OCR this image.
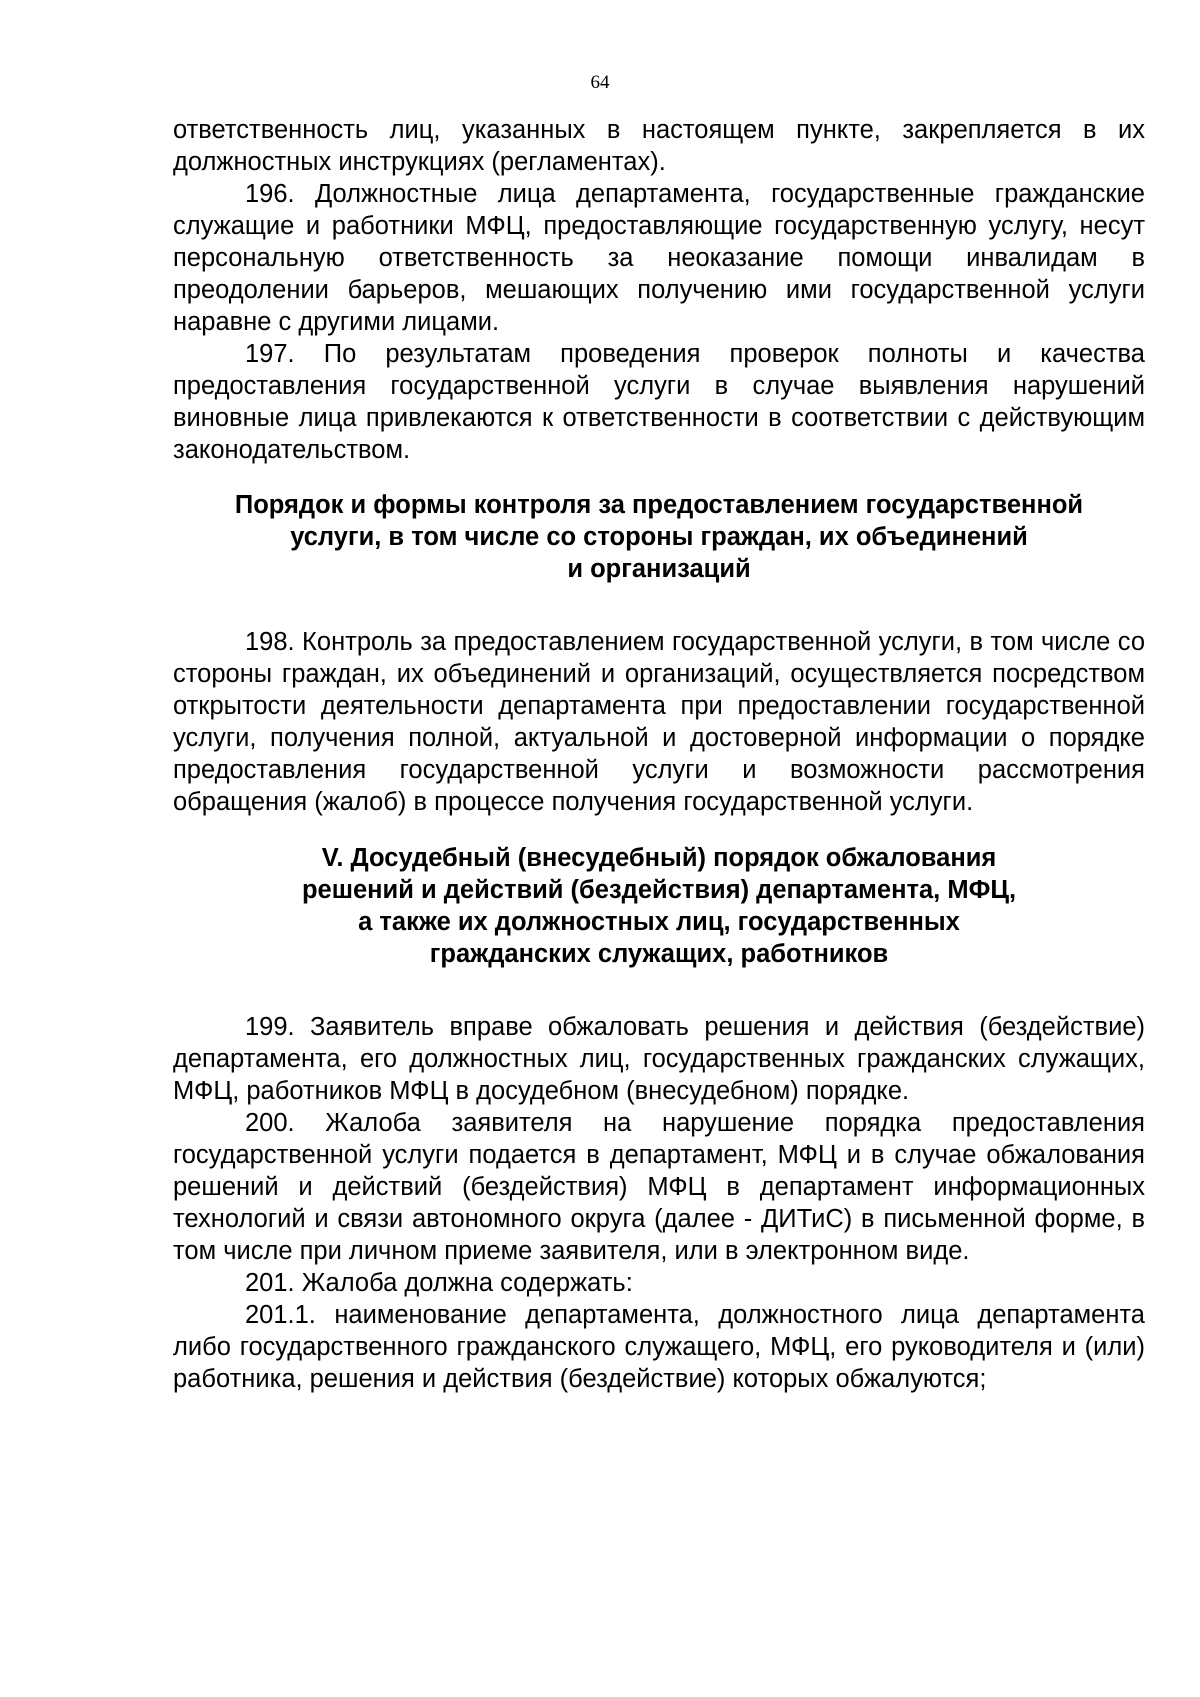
64

ответственность лиц, указанных в настоящем пункте, закрепляется в их должностных инструкциях (регламентах).

196. Должностные лица департамента, государственные гражданские служащие и работники МФЦ, предоставляющие государственную услугу, несут персональную ответственность за неоказание помощи инвалидам в преодолении барьеров, мешающих получению ими государственной услуги наравне с другими лицами.

197. По результатам проведения проверок полноты и качества предоставления государственной услуги в случае выявления нарушений виновные лица привлекаются к ответственности в соответствии с действующим законодательством.

Порядок и формы контроля за предоставлением государственной
услуги, в том числе со стороны граждан, их объединений
и организаций

198. Контроль за предоставлением государственной услуги, в том числе со стороны граждан, их объединений и организаций, осуществляется посредством открытости деятельности департамента при предоставлении государственной услуги, получения полной, актуальной и достоверной информации о порядке предоставления государственной услуги и возможности рассмотрения обращения (жалоб) в процессе получения государственной услуги.

V. Досудебный (внесудебный) порядок обжалования
решений и действий (бездействия) департамента, МФЦ,
а также их должностных лиц, государственных
гражданских служащих, работников

199. Заявитель вправе обжаловать решения и действия (бездействие) департамента, его должностных лиц, государственных гражданских служащих, МФЦ, работников МФЦ в досудебном (внесудебном) порядке.

200. Жалоба заявителя на нарушение порядка предоставления государственной услуги подается в департамент, МФЦ и в случае обжалования решений и действий (бездействия) МФЦ в департамент информационных технологий и связи автономного округа (далее - ДИТиС) в письменной форме, в том числе при личном приеме заявителя, или в электронном виде.

201. Жалоба должна содержать:

201.1. наименование департамента, должностного лица департамента либо государственного гражданского служащего, МФЦ, его руководителя и (или) работника, решения и действия (бездействие) которых обжалуются;
